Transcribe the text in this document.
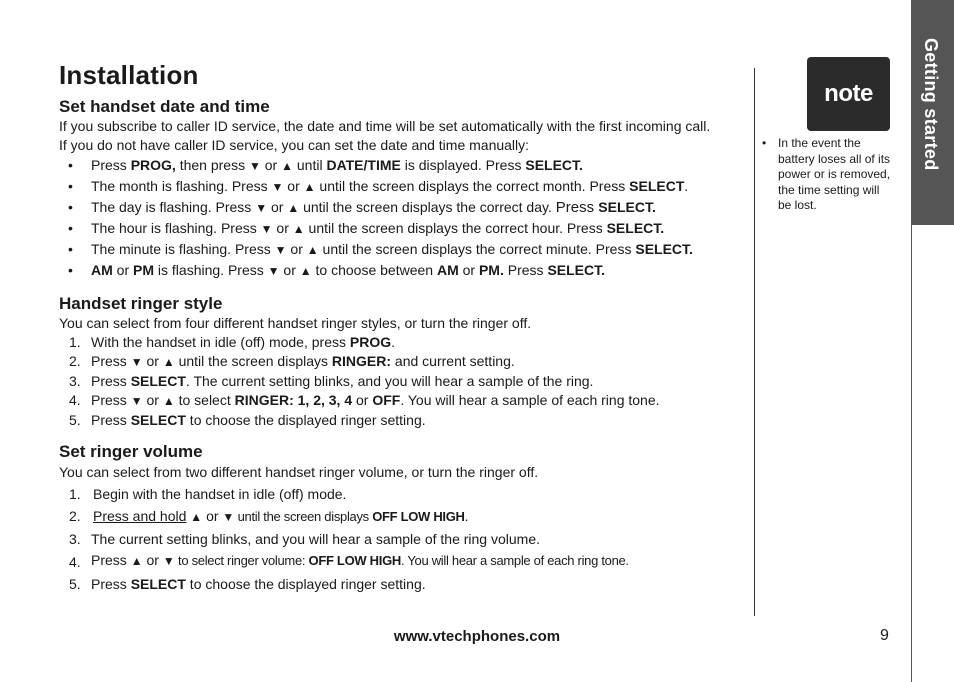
Installation
Set handset date and time

If you subscribe to caller ID service, the date and time will be set automatically with the first incoming call.

If you do not have caller ID service, you can set the date and time manually:

• Press PROG, then press ▼ or ▲ until DATE/TIME is displayed. Press SELECT.
• The month is flashing. Press ▼ or ▲ until the screen displays the correct month. Press SELECT.
• The day is flashing. Press ▼ or ▲ until the screen displays the correct day. Press SELECT.
• The hour is flashing. Press ▼ or ▲ until the screen displays the correct hour. Press SELECT.
• The minute is flashing. Press ▼ or ▲ until the screen displays the correct minute. Press SELECT.
• AM or PM is flashing. Press ▼ or ▲ to choose between AM or PM. Press SELECT.
Handset ringer style

You can select from four different handset ringer styles, or turn the ringer off.

1. With the handset in idle (off) mode, press PROG.
2. Press ▼ or ▲ until the screen displays RINGER: and current setting.
3. Press SELECT. The current setting blinks, and you will hear a sample of the ring.
4. Press ▼ or ▲ to select RINGER: 1, 2, 3, 4 or OFF. You will hear a sample of each ring tone.
5. Press SELECT to choose the displayed ringer setting.
Set ringer volume

You can select from two different handset ringer volume, or turn the ringer off.

1. Begin with the handset in idle (off) mode.
2. Press and hold ▲ or ▼ until the screen displays OFF LOW HIGH.
3. The current setting blinks, and you will hear a sample of the ring volume.
4. Press ▲ or ▼ to select ringer volume: OFF LOW HIGH. You will hear a sample of each ring tone.
5. Press SELECT to choose the displayed ringer setting.
note
• In the event the battery loses all of its power or is removed, the time setting will be lost.
Getting started
www.vtechphones.com	9
